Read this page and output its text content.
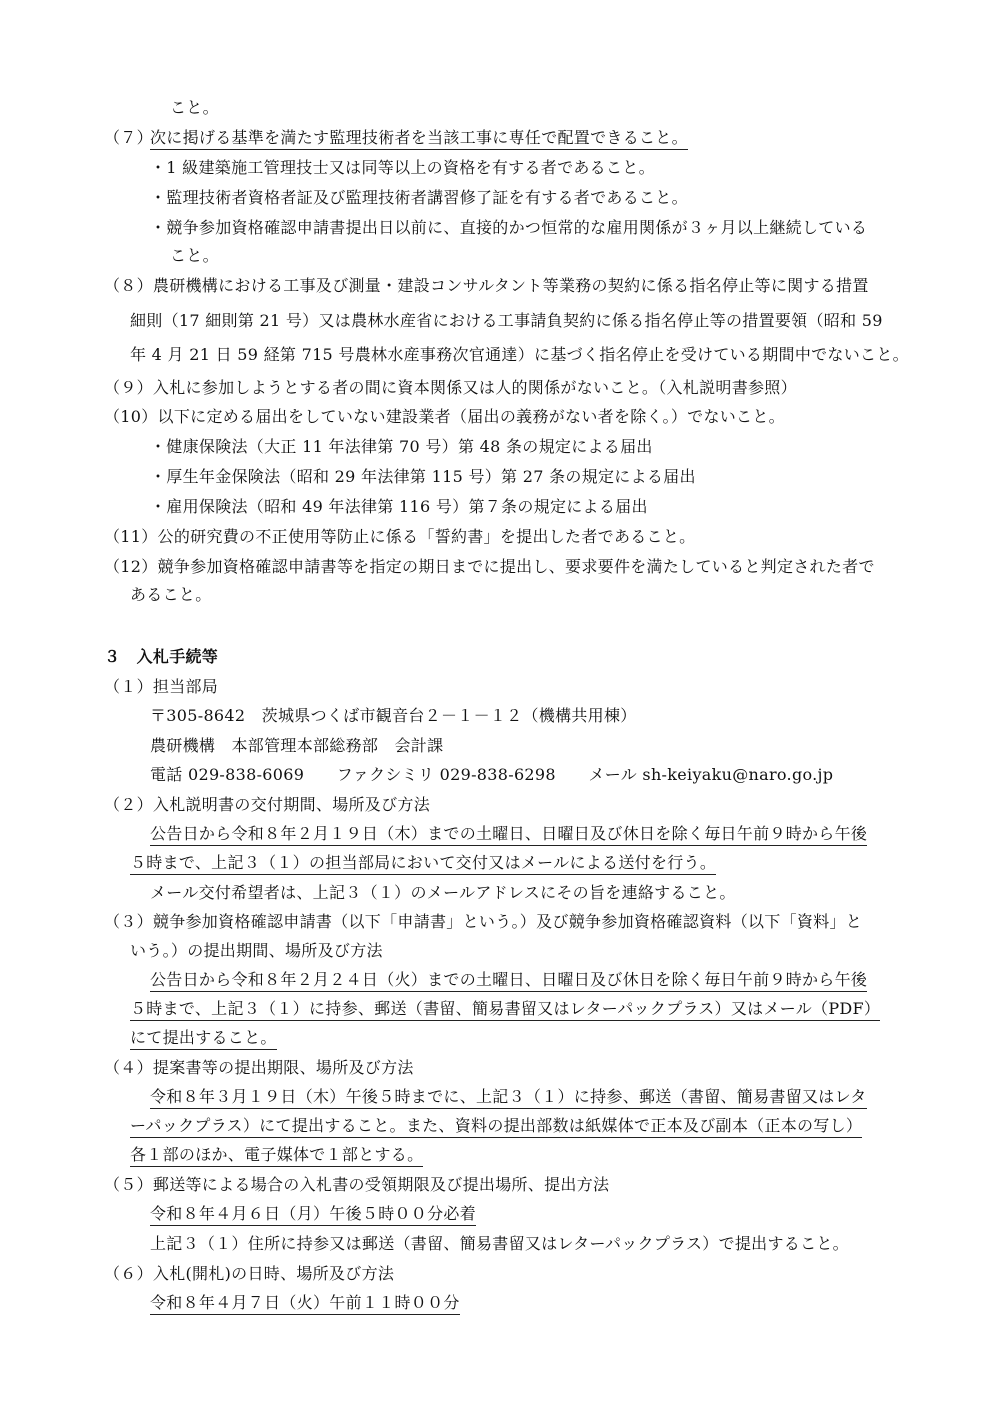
こと。
（７）
次に掲げる基準を満たす監理技術者を当該工事に専任で配置できること。
・1 級建築施工管理技士又は同等以上の資格を有する者であること。
・監理技術者資格者証及び監理技術者講習修了証を有する者であること。
・競争参加資格確認申請書提出日以前に、直接的かつ恒常的な雇用関係が３ヶ月以上継続している
こと。
（８）農研機構における工事及び測量・建設コンサルタント等業務の契約に係る指名停止等に関する措置
細則（17 細則第 21 号）又は農林水産省における工事請負契約に係る指名停止等の措置要領（昭和 59
年 4 月 21 日 59 経第 715 号農林水産事務次官通達）に基づく指名停止を受けている期間中でないこと。
（９）入札に参加しようとする者の間に資本関係又は人的関係がないこと。（入札説明書参照）
（10）以下に定める届出をしていない建設業者（届出の義務がない者を除く。）でないこと。
・健康保険法（大正 11 年法律第 70 号）第 48 条の規定による届出
・厚生年金保険法（昭和 29 年法律第 115 号）第 27 条の規定による届出
・雇用保険法（昭和 49 年法律第 116 号）第７条の規定による届出
（11）公的研究費の不正使用等防止に係る「誓約書」を提出した者であること。
（12）競争参加資格確認申請書等を指定の期日までに提出し、要求要件を満たしていると判定された者で
あること。
３　入札手続等
（１）担当部局
〒305-8642　茨城県つくば市観音台２－１－１２（機構共用棟）
農研機構　本部管理本部総務部　会計課
電話 029-838-6069　　ファクシミリ 029-838-6298　　メール sh-keiyaku@naro.go.jp
（２）入札説明書の交付期間、場所及び方法
公告日から令和８年２月１９日（木）までの土曜日、日曜日及び休日を除く毎日午前９時から午後
５時まで、上記３（１）の担当部局において交付又はメールによる送付を行う。
メール交付希望者は、上記３（１）のメールアドレスにその旨を連絡すること。
（３）競争参加資格確認申請書（以下「申請書」という。）及び競争参加資格確認資料（以下「資料」と
いう。）の提出期間、場所及び方法
公告日から令和８年２月２４日（火）までの土曜日、日曜日及び休日を除く毎日午前９時から午後
５時まで、上記３（１）に持参、郵送（書留、簡易書留又はレターパックプラス）又はメール（PDF）
にて提出すること。
（４）提案書等の提出期限、場所及び方法
令和８年３月１９日（木）午後５時までに、上記３（１）に持参、郵送（書留、簡易書留又はレタ
ーパックプラス）にて提出すること。また、資料の提出部数は紙媒体で正本及び副本（正本の写し）
各１部のほか、電子媒体で１部とする。
（５）郵送等による場合の入札書の受領期限及び提出場所、提出方法
令和８年４月６日（月）午後５時００分必着
上記３（１）住所に持参又は郵送（書留、簡易書留又はレターパックプラス）で提出すること。
（６）入札(開札)の日時、場所及び方法
令和８年４月７日（火）午前１１時００分
